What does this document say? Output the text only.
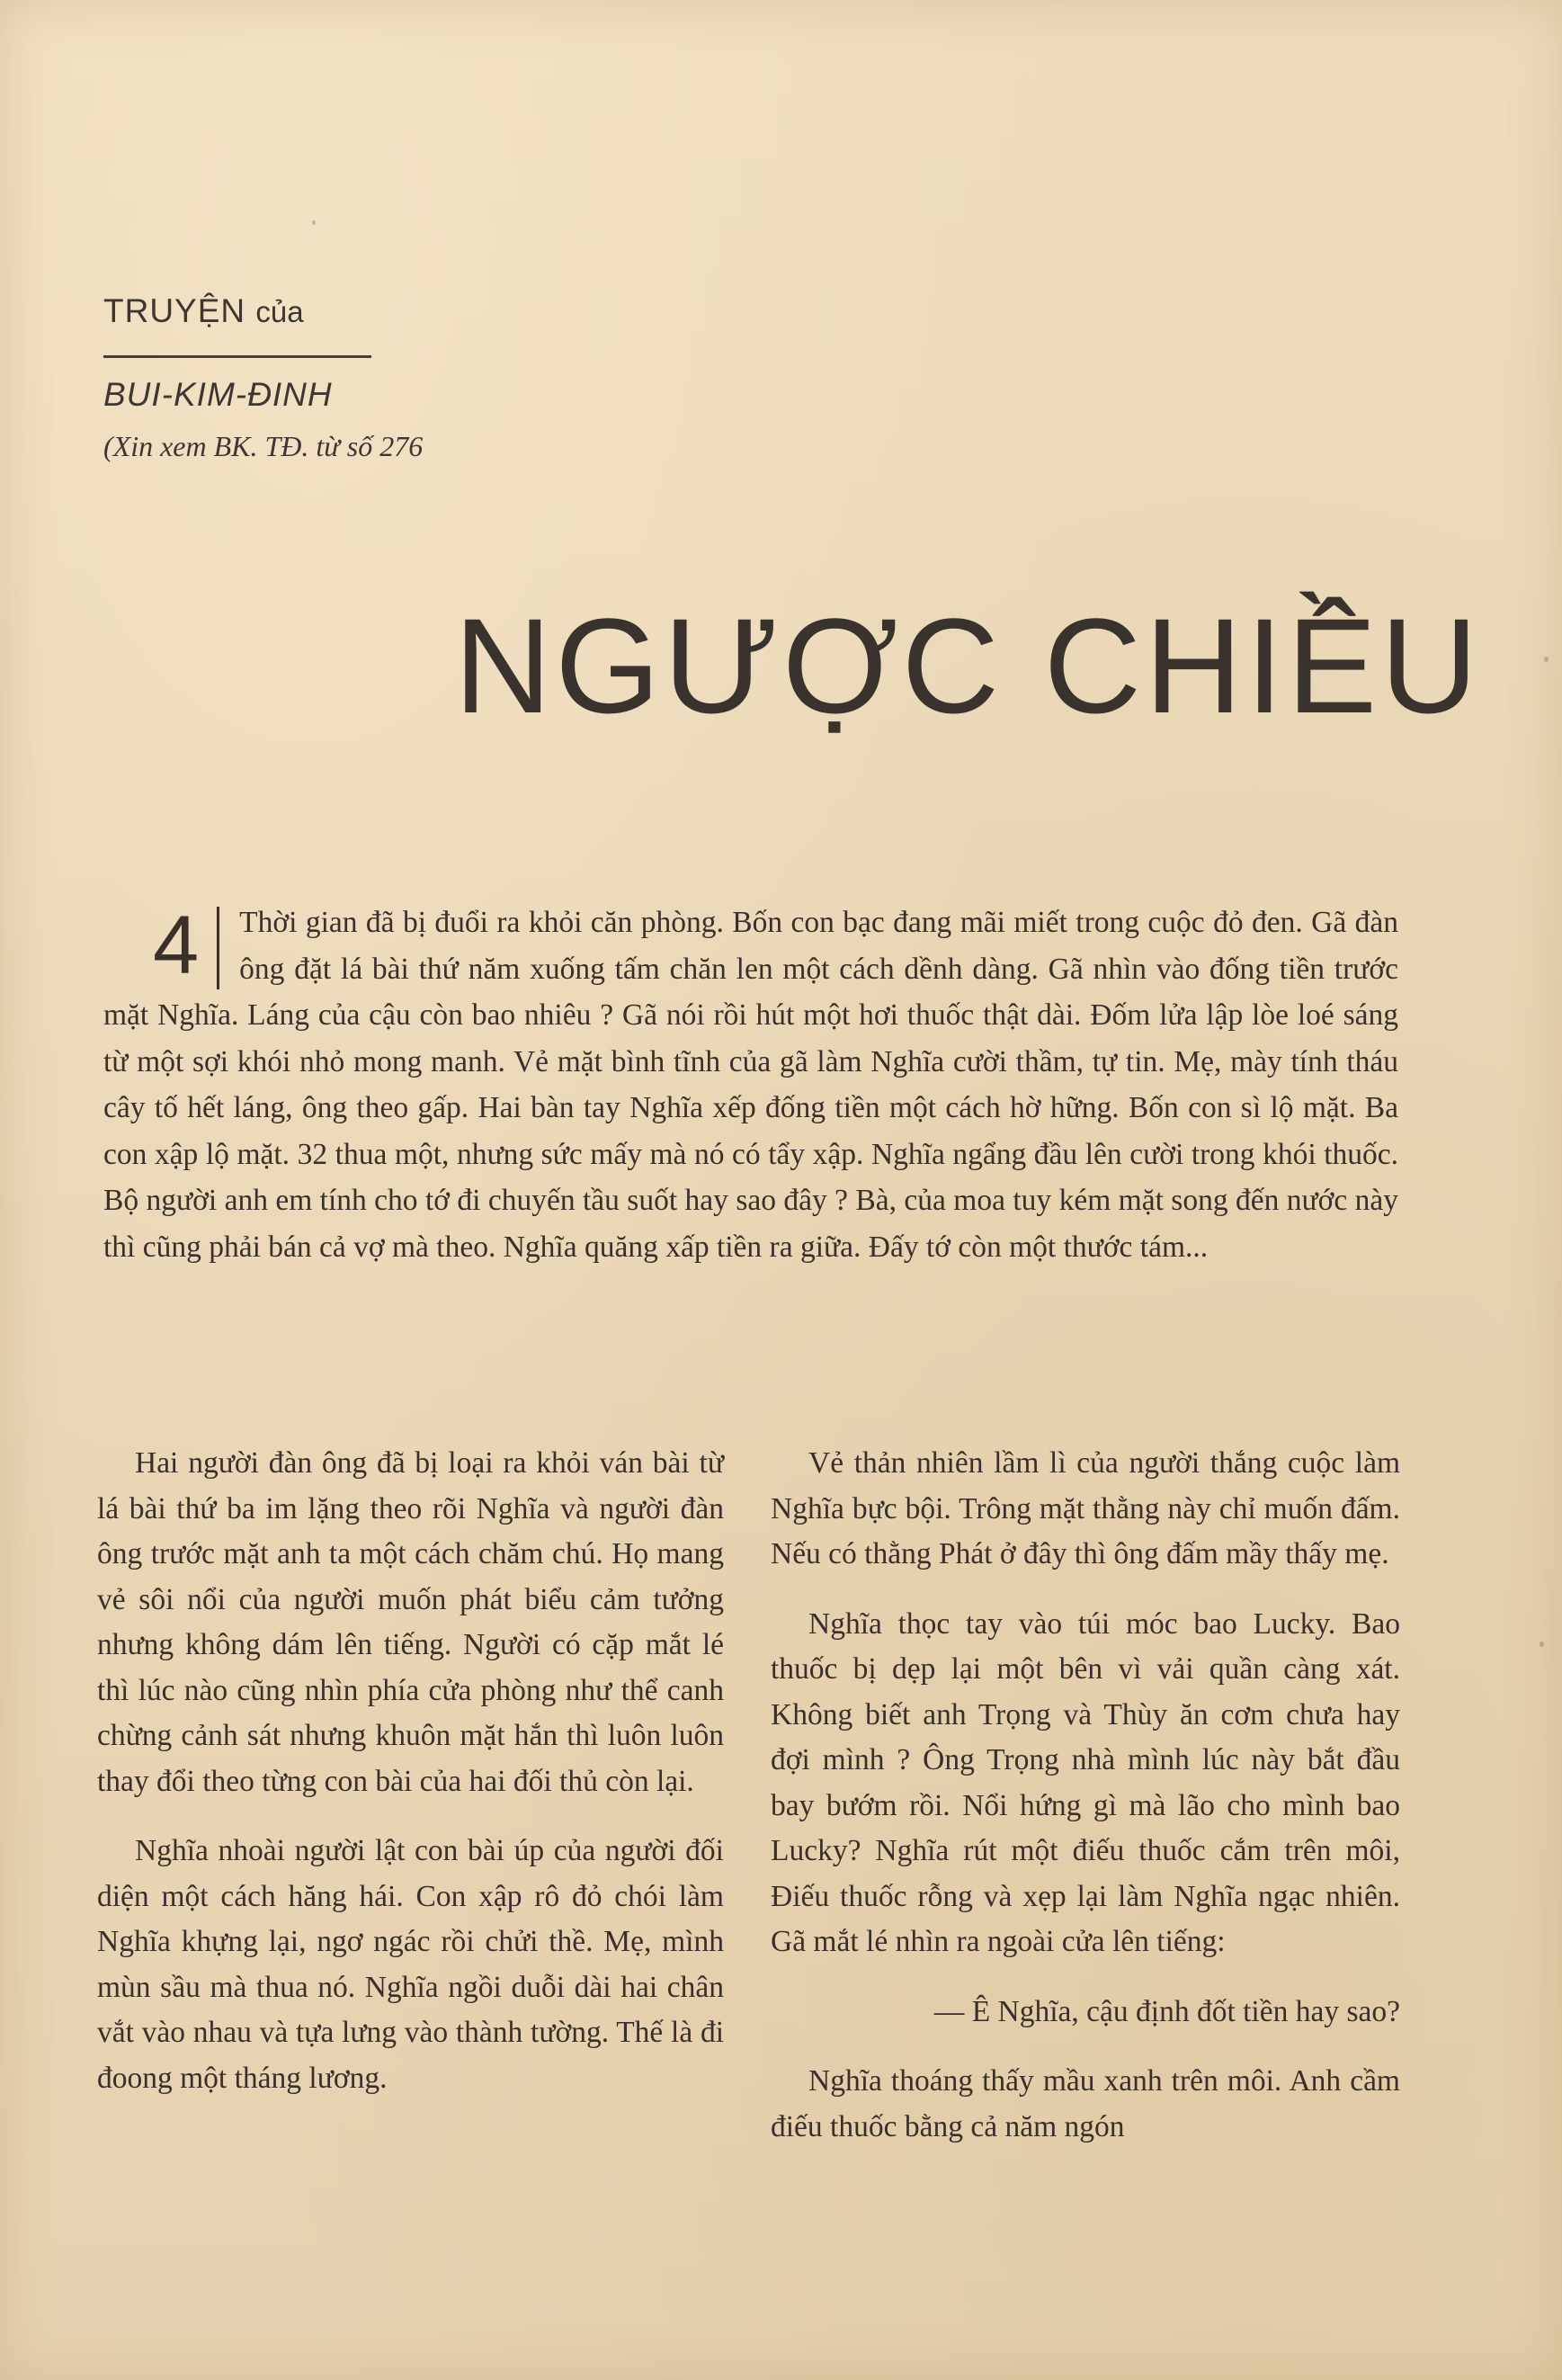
TRUYỆN của
BUI-KIM-ĐINH
(Xin xem BK. TĐ. từ số 276
NGƯỢC CHIỀU
4	Thời gian đã bị đuổi ra khỏi căn phòng. Bốn con bạc đang mãi miết trong cuộc đỏ đen. Gã đàn ông đặt lá bài thứ năm xuống tấm chăn len một cách dềnh dàng. Gã nhìn vào đống tiền trước mặt Nghĩa. Láng của cậu còn bao nhiêu ? Gã nói rồi hút một hơi thuốc thật dài. Đốm lửa lập lòe loé sáng từ một sợi khói nhỏ mong manh. Vẻ mặt bình tĩnh của gã làm Nghĩa cười thầm, tự tin. Mẹ, mày tính tháu cây tố hết láng, ông theo gấp. Hai bàn tay Nghĩa xếp đống tiền một cách hờ hững. Bốn con sì lộ mặt. Ba con xập lộ mặt. 32 thua một, nhưng sức mấy mà nó có tẩy xập. Nghĩa ngẩng đầu lên cười trong khói thuốc. Bộ người anh em tính cho tớ đi chuyến tầu suốt hay sao đây ? Bà, của moa tuy kém mặt song đến nước này thì cũng phải bán cả vợ mà theo. Nghĩa quăng xấp tiền ra giữa. Đấy tớ còn một thước tám...

Hai người đàn ông đã bị loại ra khỏi ván bài từ lá bài thứ ba im lặng theo rõi Nghĩa và người đàn ông trước mặt anh ta một cách chăm chú. Họ mang vẻ sôi nổi của người muốn phát biểu cảm tưởng nhưng không dám lên tiếng. Người có cặp mắt lé thì lúc nào cũng nhìn phía cửa phòng như thể canh chừng cảnh sát nhưng khuôn mặt hắn thì luôn luôn thay đổi theo từng con bài của hai đối thủ còn lại.

Nghĩa nhoài người lật con bài úp của người đối diện một cách hăng hái. Con xập rô đỏ chói làm Nghĩa khựng lại, ngơ ngác rồi chửi thề. Mẹ, mình mùn sầu mà thua nó. Nghĩa ngồi duỗi dài hai chân vắt vào nhau và tựa lưng vào thành tường. Thế là đi đoong một tháng lương.

Vẻ thản nhiên lầm lì của người thắng cuộc làm Nghĩa bực bội. Trông mặt thằng này chỉ muốn đấm. Nếu có thằng Phát ở đây thì ông đấm mầy thấy mẹ.

Nghĩa thọc tay vào túi móc bao Lucky. Bao thuốc bị dẹp lại một bên vì vải quần càng xát. Không biết anh Trọng và Thùy ăn cơm chưa hay đợi mình ? Ông Trọng nhà mình lúc này bắt đầu bay bướm rồi. Nổi hứng gì mà lão cho mình bao Lucky? Nghĩa rút một điếu thuốc cắm trên môi, Điếu thuốc rỗng và xẹp lại làm Nghĩa ngạc nhiên. Gã mắt lé nhìn ra ngoài cửa lên tiếng:

— Ê Nghĩa, cậu định đốt tiền hay sao?

Nghĩa thoáng thấy mầu xanh trên môi. Anh cầm điếu thuốc bằng cả năm ngón
